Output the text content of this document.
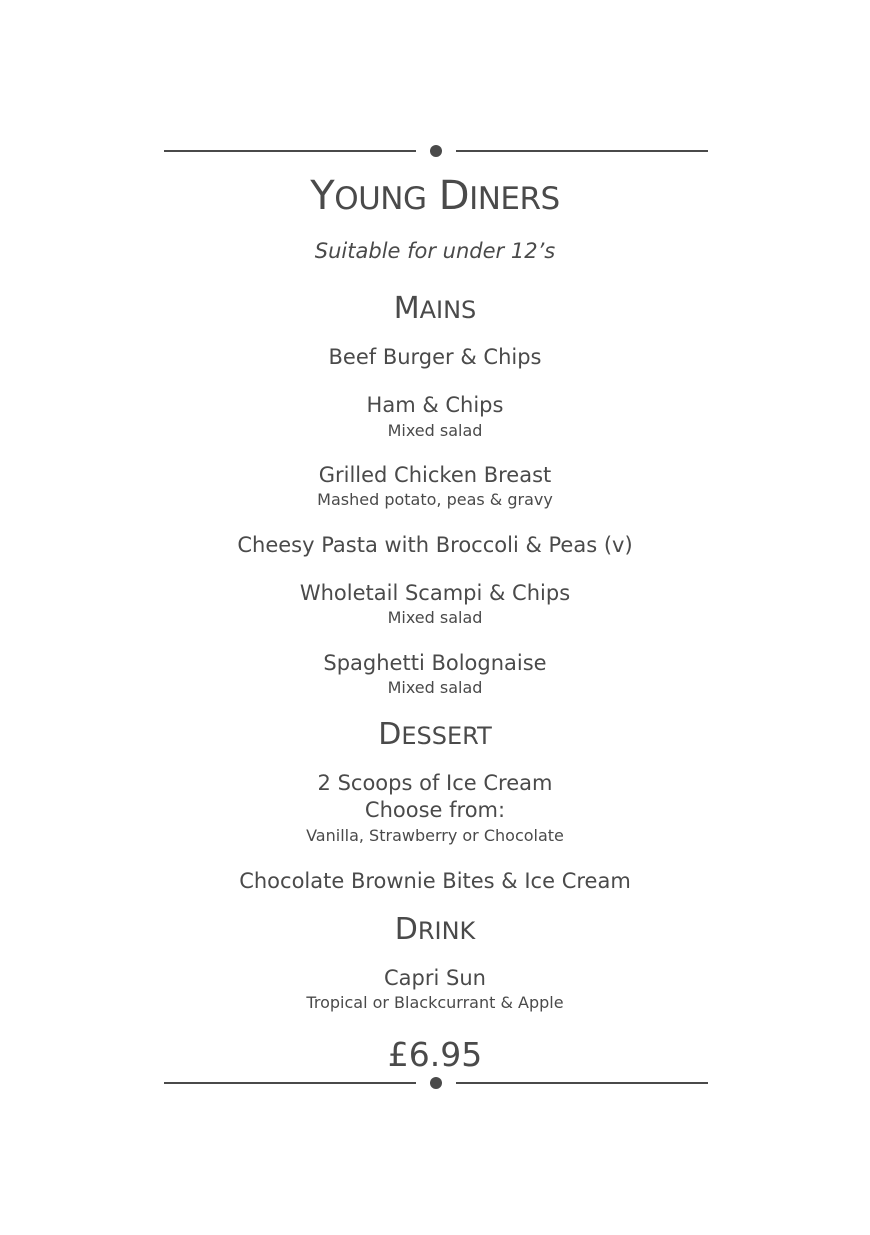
YOUNG DINERS
Suitable for under 12’s
MAINS
Beef Burger & Chips
Ham & Chips
Mixed salad
Grilled Chicken Breast
Mashed potato, peas & gravy
Cheesy Pasta with Broccoli & Peas (v)
Wholetail Scampi & Chips
Mixed salad
Spaghetti Bolognaise
Mixed salad
DESSERT
2 Scoops of Ice Cream
Choose from:
Vanilla, Strawberry or Chocolate
Chocolate Brownie Bites & Ice Cream
DRINK
Capri Sun
Tropical or Blackcurrant & Apple
£6.95
